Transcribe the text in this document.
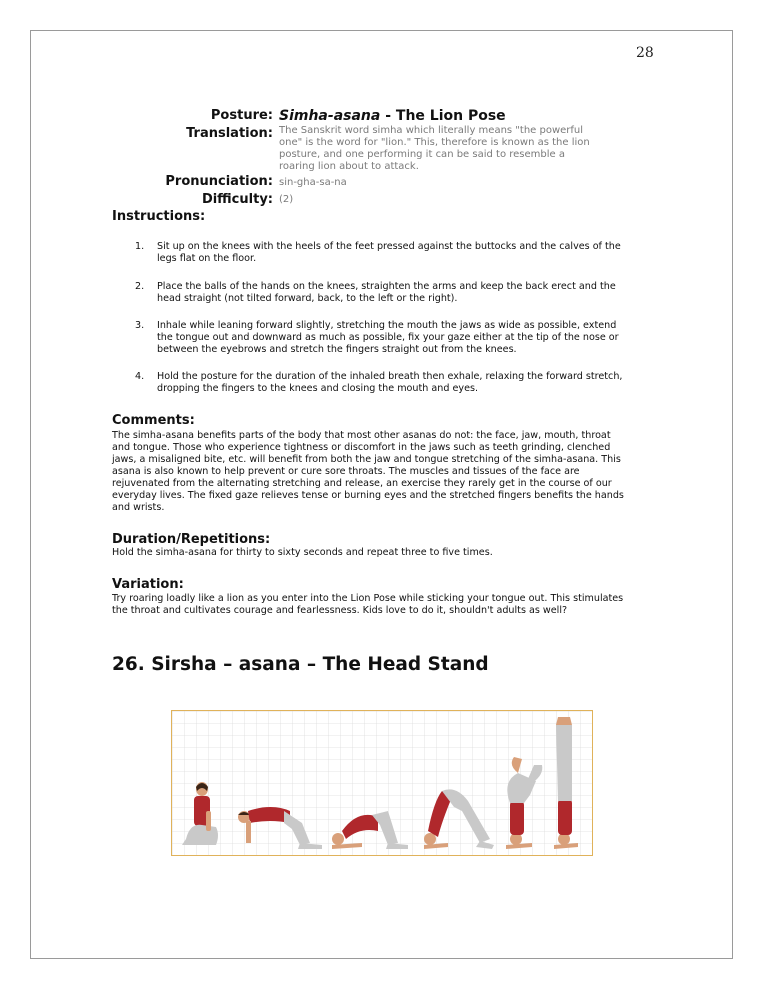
28
Posture: Simha-asana - The Lion Pose
Translation: The Sanskrit word simha which literally means "the powerful
one" is the word for "lion." This, therefore is known as the lion
posture, and one performing it can be said to resemble a
roaring lion about to attack.
Pronunciation: sin-gha-sa-na
Difficulty: (2)
Instructions:
1.	Sit up on the knees with the heels of the feet pressed against the buttocks and the calves of the
legs flat on the floor.
2.	Place the balls of the hands on the knees, straighten the arms and keep the back erect and the
head straight (not tilted forward, back, to the left or the right).
3.	Inhale while leaning forward slightly, stretching the mouth the jaws as wide as possible, extend
the tongue out and downward as much as possible, fix your gaze either at the tip of the nose or
between the eyebrows and stretch the fingers straight out from the knees.
4.	Hold the posture for the duration of the inhaled breath then exhale, relaxing the forward stretch,
dropping the fingers to the knees and closing the mouth and eyes.
Comments:
The simha-asana benefits parts of the body that most other asanas do not: the face, jaw, mouth, throat
and tongue. Those who experience tightness or discomfort in the jaws such as teeth grinding, clenched
jaws, a misaligned bite, etc. will benefit from both the jaw and tongue stretching of the simha-asana. This
asana is also known to help prevent or cure sore throats. The muscles and tissues of the face are
rejuvenated from the alternating stretching and release, an exercise they rarely get in the course of our
everyday lives. The fixed gaze relieves tense or burning eyes and the stretched fingers benefits the hands
and wrists.
Duration/Repetitions:
Hold the simha-asana for thirty to sixty seconds and repeat three to five times.
Variation:
Try roaring loadly like a lion as you enter into the Lion Pose while sticking your tongue out. This stimulates
the throat and cultivates courage and fearlessness. Kids love to do it, shouldn't adults as well?
26. Sirsha – asana – The Head Stand
